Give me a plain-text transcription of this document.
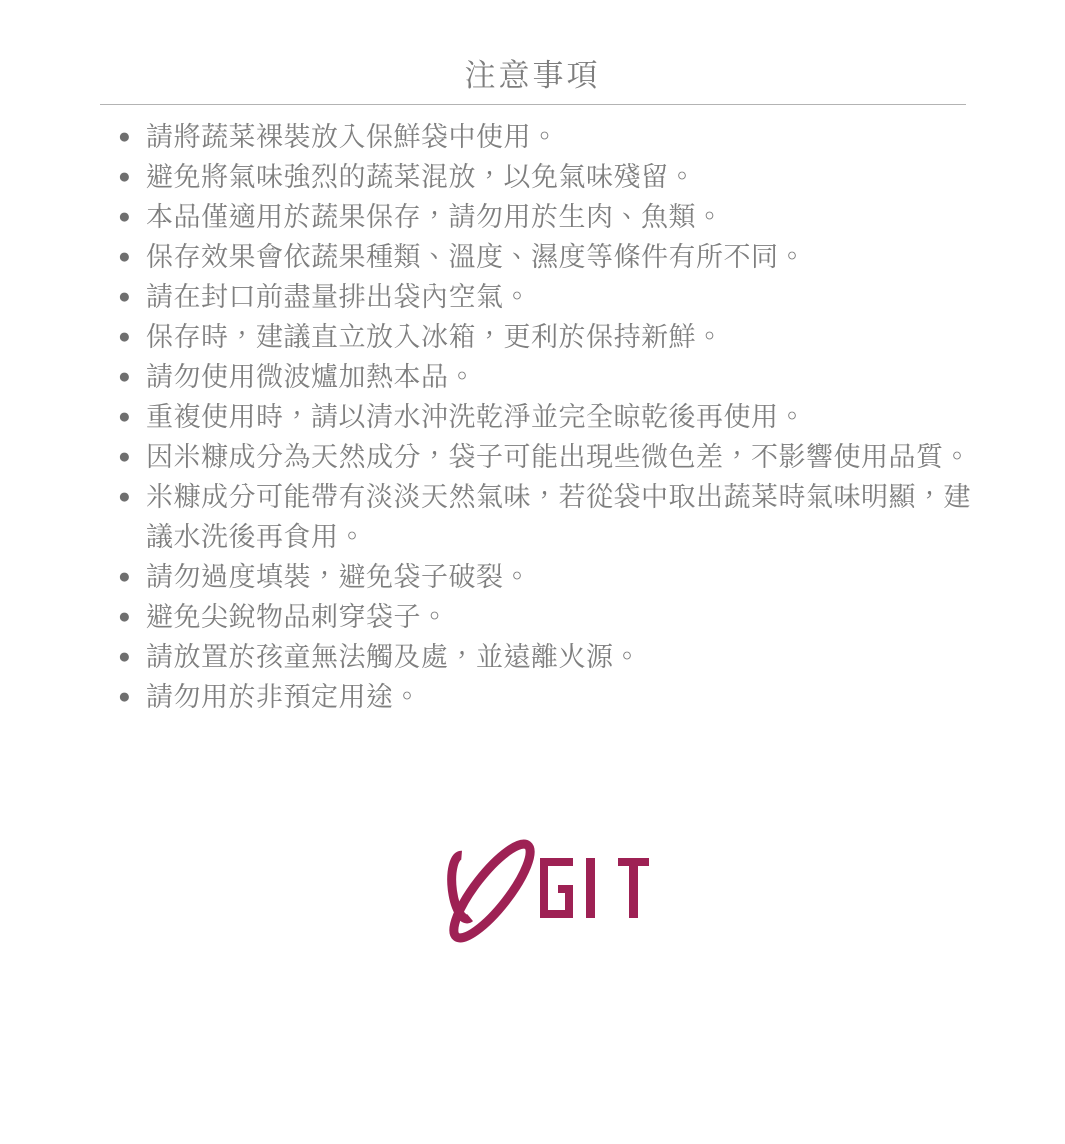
注意事項
● 請將蔬菜裸裝放入保鮮袋中使用。
● 避免將氣味強烈的蔬菜混放，以免氣味殘留。
● 本品僅適用於蔬果保存，請勿用於生肉、魚類。
● 保存效果會依蔬果種類、溫度、濕度等條件有所不同。
● 請在封口前盡量排出袋內空氣。
● 保存時，建議直立放入冰箱，更利於保持新鮮。
● 請勿使用微波爐加熱本品。
● 重複使用時，請以清水沖洗乾淨並完全晾乾後再使用。
● 因米糠成分為天然成分，袋子可能出現些微色差，不影響使用品質。
● 米糠成分可能帶有淡淡天然氣味，若從袋中取出蔬菜時氣味明顯，建議水洗後再食用。
● 請勿過度填裝，避免袋子破裂。
● 避免尖銳物品刺穿袋子。
● 請放置於孩童無法觸及處，並遠離火源。
● 請勿用於非預定用途。
